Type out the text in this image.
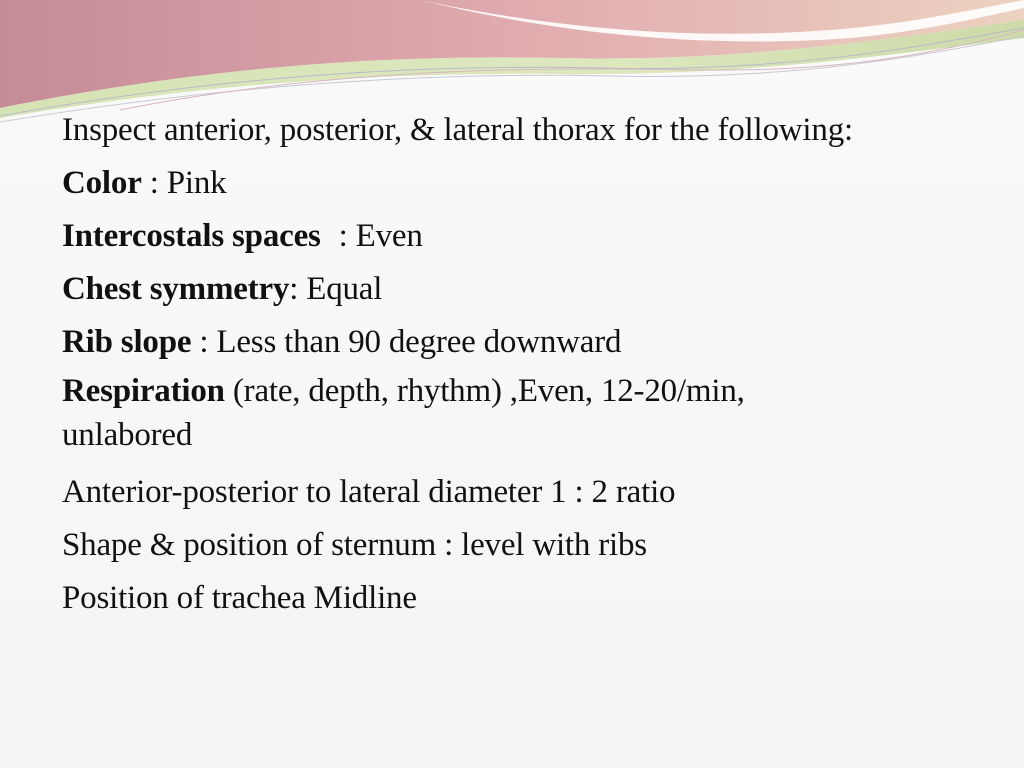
Inspect anterior, posterior, & lateral thorax for the following:
Color : Pink
Intercostals spaces : Even
Chest symmetry: Equal
Rib slope : Less than 90 degree downward
Respiration (rate, depth, rhythm) ,Even, 12-20/min, unlabored
Anterior-posterior to lateral diameter 1 : 2 ratio
Shape & position of sternum : level with ribs
Position of trachea Midline
